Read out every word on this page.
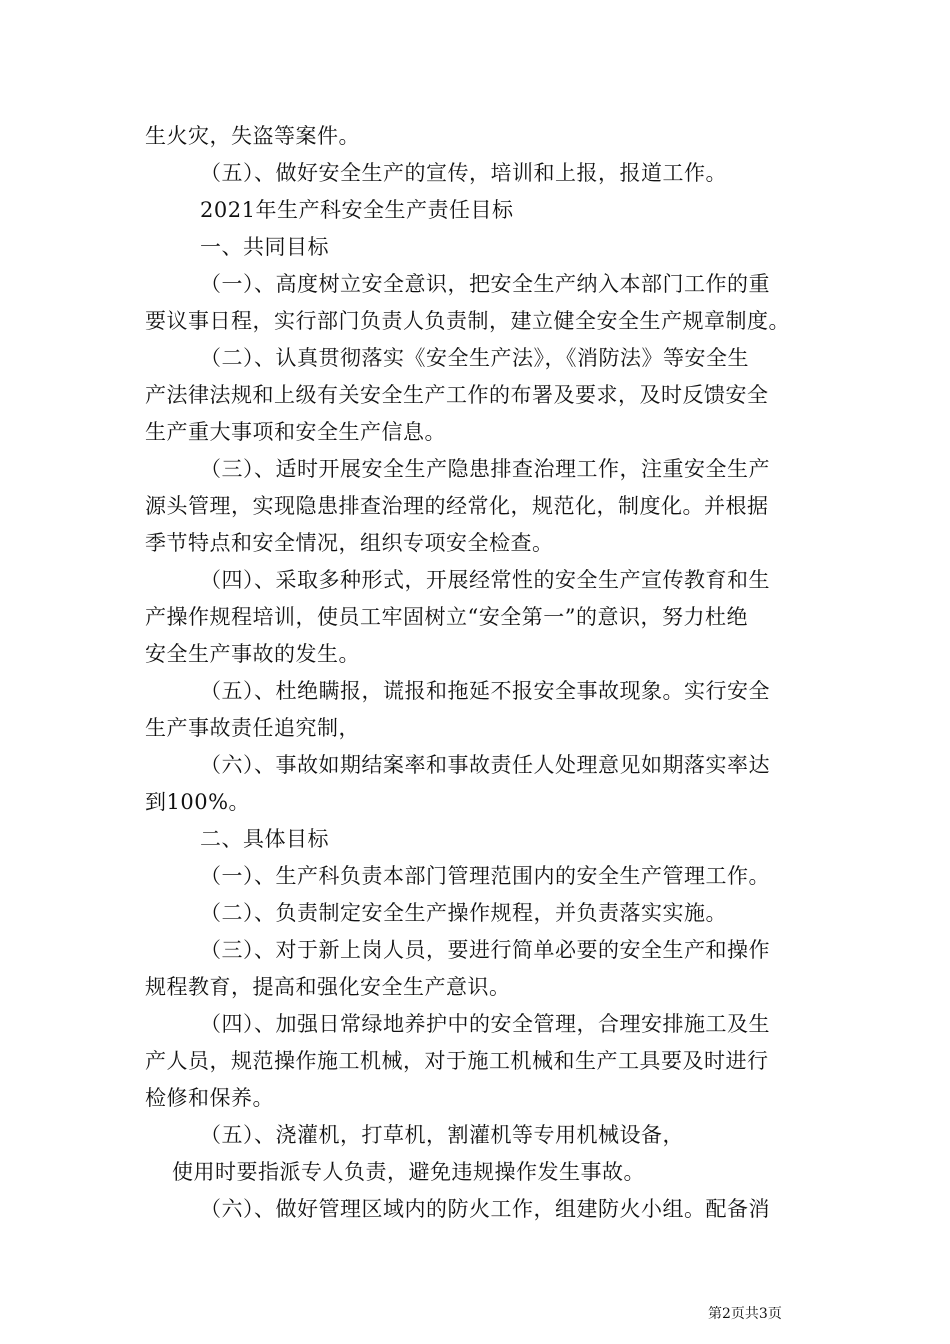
生火灾，失盗等案件。
（五）、做好安全生产的宣传，培训和上报，报道工作。
2021年生产科安全生产责任目标
一、共同目标
（一）、高度树立安全意识，把安全生产纳入本部门工作的重
要议事日程，实行部门负责人负责制，建立健全安全生产规章制度。
（二）、认真贯彻落实《安全生产法》，《消防法》等安全生
产法律法规和上级有关安全生产工作的布署及要求，及时反馈安全
生产重大事项和安全生产信息。
（三）、适时开展安全生产隐患排查治理工作，注重安全生产
源头管理，实现隐患排查治理的经常化，规范化，制度化。并根据
季节特点和安全情况，组织专项安全检查。
（四）、采取多种形式，开展经常性的安全生产宣传教育和生
产操作规程培训，使员工牢固树立“安全第一”的意识，努力杜绝
安全生产事故的发生。
（五）、杜绝瞒报，谎报和拖延不报安全事故现象。实行安全
生产事故责任追究制，
（六）、事故如期结案率和事故责任人处理意见如期落实率达
到100%。
二、具体目标
（一）、生产科负责本部门管理范围内的安全生产管理工作。
（二）、负责制定安全生产操作规程，并负责落实实施。
（三）、对于新上岗人员，要进行简单必要的安全生产和操作
规程教育，提高和强化安全生产意识。
（四）、加强日常绿地养护中的安全管理，合理安排施工及生
产人员，规范操作施工机械，对于施工机械和生产工具要及时进行
检修和保养。
（五）、浇灌机，打草机，割灌机等专用机械设备，
使用时要指派专人负责，避免违规操作发生事故。
（六）、做好管理区域内的防火工作，组建防火小组。配备消
第2页共3页
